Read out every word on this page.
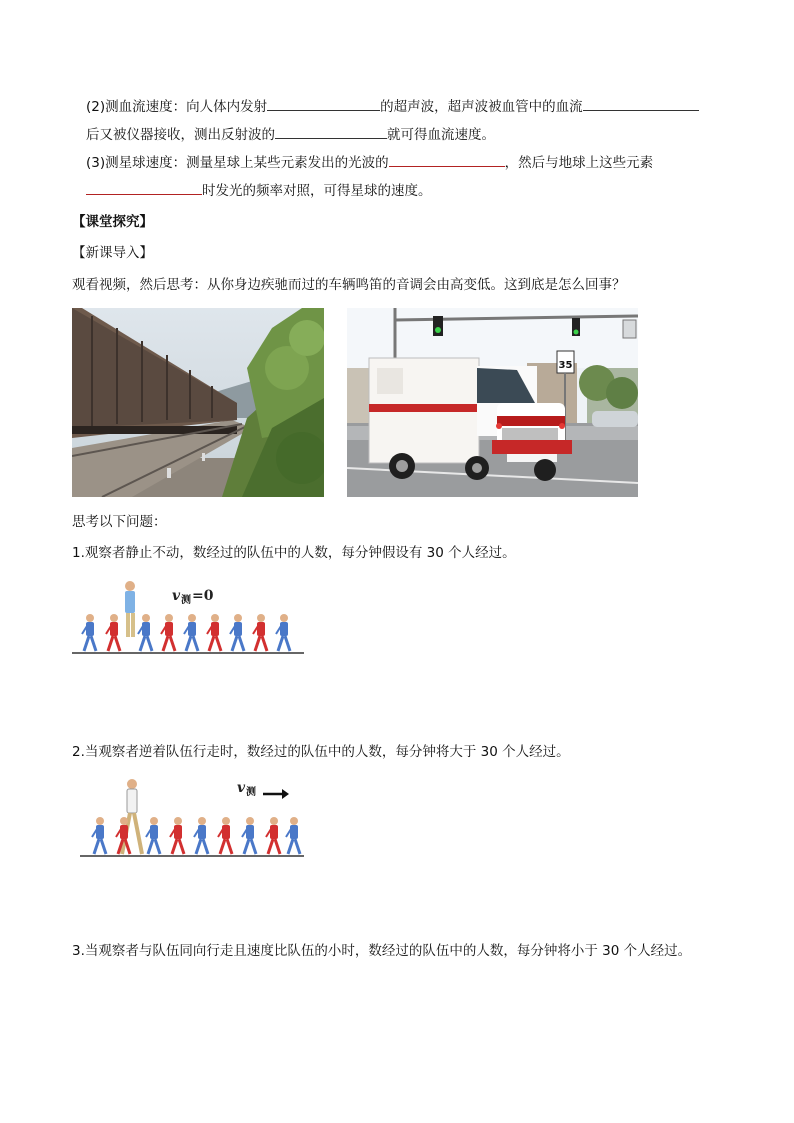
(2)测血流速度：向人体内发射	的超声波，超声波被血管中的血流
后又被仪器接收，测出反射波的	就可得血流速度。
(3)测星球速度：测量星球上某些元素发出的光波的	，然后与地球上这些元素
时发光的频率对照，可得星球的速度。
【课堂探究】
【新课导入】
观看视频，然后思考：从你身边疾驰而过的车辆鸣笛的音调会由高变低。这到底是怎么回事？
35
思考以下问题：
1.观察者静止不动，数经过的队伍中的人数，每分钟假设有 30 个人经过。
v 测 =0
2.当观察者逆着队伍行走时，数经过的队伍中的人数，每分钟将大于 30 个人经过。
v 测
3.当观察者与队伍同向行走且速度比队伍的小时，数经过的队伍中的人数，每分钟将小于 30 个人经过。
